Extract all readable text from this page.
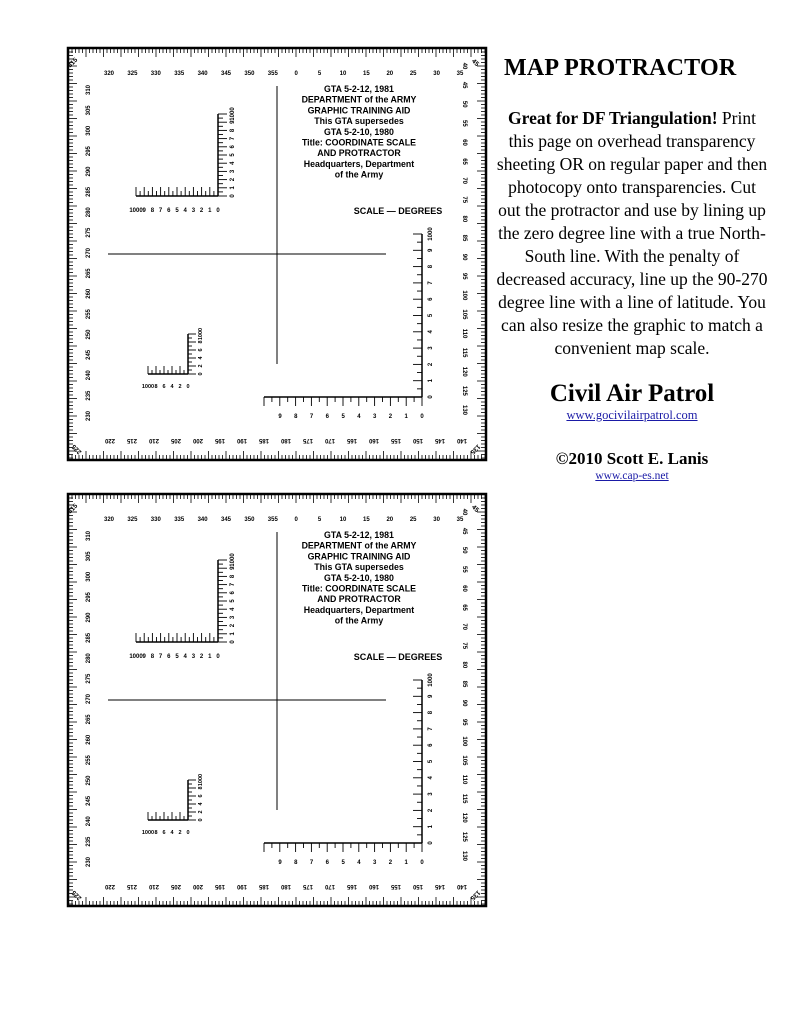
320 325 330 335 340 345 350 355	0	5	10	15	20	25	30	35
220 215 210 205 200 195 190 185 180 175 170 165 160 155 150 145 140
310
305
300
295
290
285
280
275
270
265
260
255
250
245
240
235
230
40
45
50
55
60
65
70
75
80
85
90
95
100
105
110
115
120
125
130
315	45
135
225
GTA 5-2-12, 1981
DEPARTMENT of the ARMY
GRAPHIC TRAINING AID
This GTA supersedes
GTA 5-2-10, 1980
Title: COORDINATE SCALE
AND PROTRACTOR
Headquarters, Department
of the Army
SCALE — DEGREES
1000 9 8 7 6 5 4 3 2 1 0
1000
9
8
7
6
5
4
3
2
1
0
1000 8 6 4 2 0
1000
8
6
4
2
0
1000
9
8
7
6
5
4
3
2
1
0
9 8 7 6 5 4 3 2 1 0
320 325 330 335 340 345 350 355	0	5	10	15	20	25	30	35
220 215 210 205 200 195 190 185 180 175 170 165 160 155 150 145 140
310
305
300
295
290
285
280
275
270
265
260
255
250
245
240
235
230
40
45
50
55
60
65
70
75
80
85
90
95
100
105
110
115
120
125
130
315	45
135
225
GTA 5-2-12, 1981
DEPARTMENT of the ARMY
GRAPHIC TRAINING AID
This GTA supersedes
GTA 5-2-10, 1980
Title: COORDINATE SCALE
AND PROTRACTOR
Headquarters, Department
of the Army
SCALE — DEGREES
1000 9 8 7 6 5 4 3 2 1 0
1000
9
8
7
6
5
4
3
2
1
0
1000 8 6 4 2 0
1000
8
6
4
2
0
1000
9
8
7
6
5
4
3
2
1
0
9 8 7 6 5 4 3 2 1 0
MAP PROTRACTOR
Great for DF Triangulation! Print this page on overhead transparency sheeting OR on regular paper and then photocopy onto transparencies. Cut out the protractor and use by lining up the zero degree line with a true North-South line. With the penalty of decreased accuracy, line up the 90-270 degree line with a line of latitude. You can also resize the graphic to match a convenient map scale.
Civil Air Patrol
www.gocivilairpatrol.com
©2010 Scott E. Lanis
www.cap-es.net
